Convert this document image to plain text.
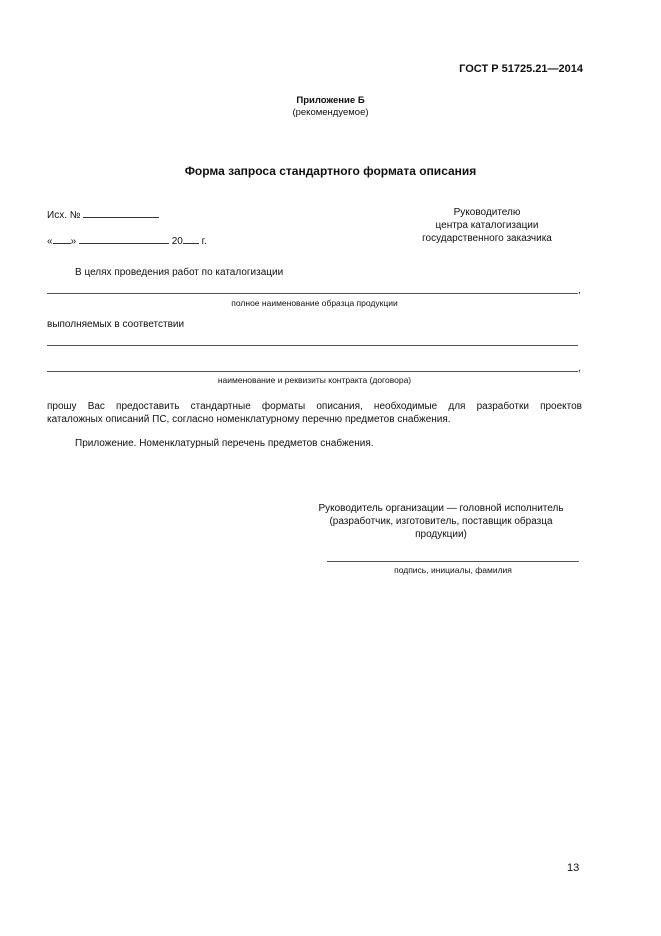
ГОСТ Р 51725.21—2014
Приложение Б
(рекомендуемое)
Форма запроса стандартного формата описания
Исх. №
« »	20 г.
Руководителю
центра каталогизации
государственного заказчика
В целях проведения работ по каталогизации
,
полное наименование образца продукции
выполняемых в соответствии
,
наименование и реквизиты контракта (договора)
прошу Вас предоставить стандартные форматы описания, необходимые для разработки проектов
каталожных описаний ПС, согласно номенклатурному перечню предметов снабжения.
Приложение. Номенклатурный перечень предметов снабжения.
Руководитель организации — головной исполнитель
(разработчик, изготовитель, поставщик образца
продукции)
подпись, инициалы, фамилия
13
